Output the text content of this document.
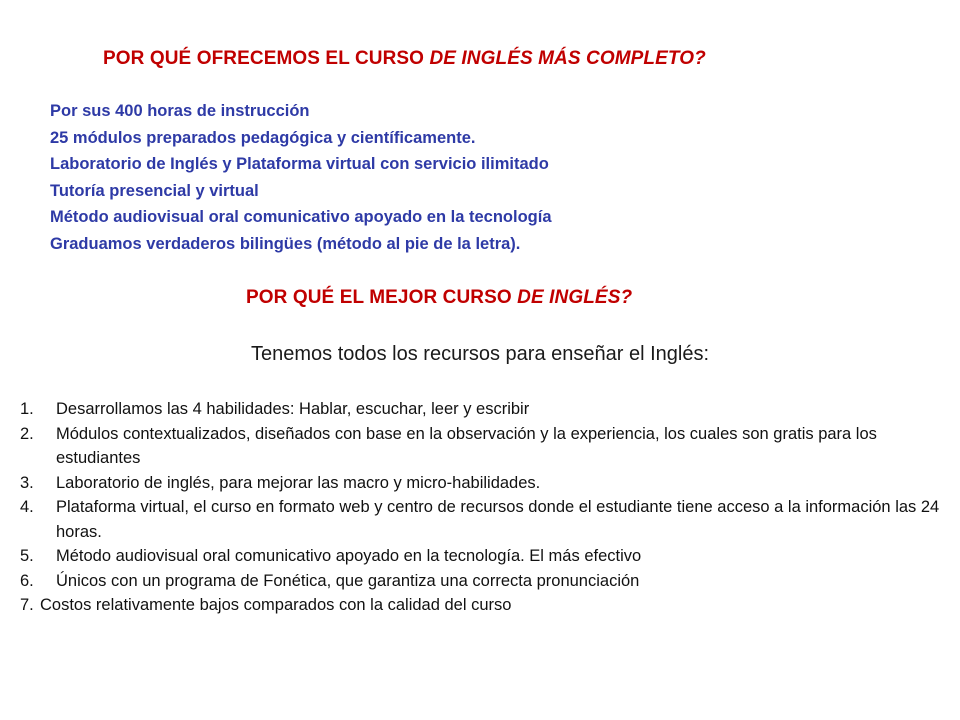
POR QUÉ OFRECEMOS EL CURSO DE INGLÉS MÁS COMPLETO?
Por sus 400 horas de instrucción
25 módulos preparados pedagógica y científicamente.
Laboratorio de Inglés y Plataforma virtual con servicio ilimitado
Tutoría presencial y virtual
Método audiovisual oral comunicativo apoyado en la tecnología
Graduamos verdaderos bilingües (método al pie de la letra).
POR QUÉ EL MEJOR CURSO DE INGLÉS?
Tenemos todos los recursos para enseñar el Inglés:
1.	Desarrollamos las 4 habilidades: Hablar, escuchar, leer y escribir
2.	Módulos contextualizados, diseñados con base en la observación y la experiencia, los cuales son gratis para los estudiantes
3.	Laboratorio de inglés, para mejorar las macro y micro-habilidades.
4.	Plataforma virtual, el curso en formato web y centro de recursos donde el estudiante tiene acceso a la información las 24 horas.
5.	Método audiovisual oral comunicativo apoyado en la tecnología. El más efectivo
6.	Únicos con un programa de Fonética, que garantiza una correcta pronunciación
7. Costos relativamente bajos comparados con la calidad del curso
